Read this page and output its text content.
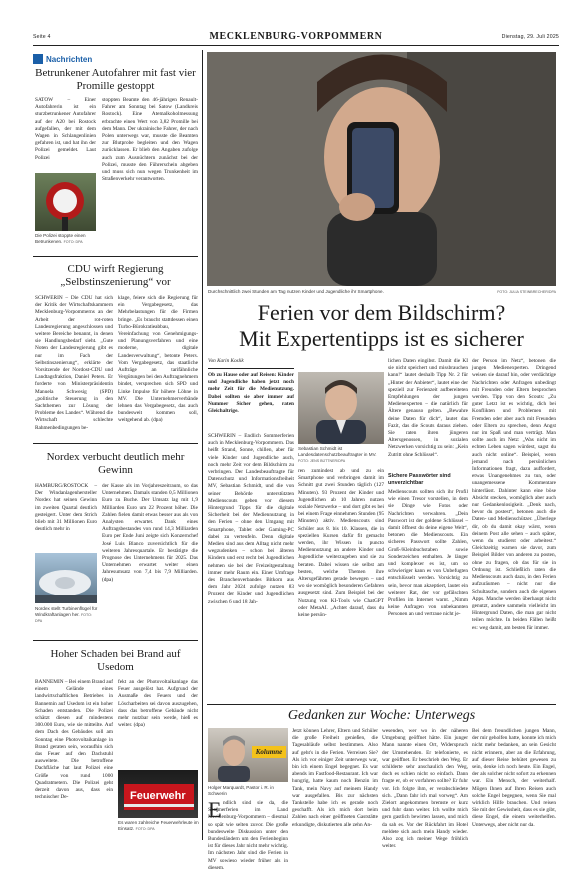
Seite 4	MECKLENBURG-VORPOMMERN	Dienstag, 29. Juli 2025
Nachrichten
Betrunkener Autofahrer mit fast vier Promille gestoppt
SATOW – Einer Autofahrerin ist ein sturzbetrunkener Autofahrer auf der A20 bei Rostock aufgefallen, der mit dem Wagen in Schlangenlinien gefahren ist, und hat ihn der Polizei gemeldet. Laut Polizei
stoppten Beamte den 46-jährigen Renault-Fahrer am Sonntag bei Satow (Landkreis Rostock). Eine Atemalkoholmessung erbrachte einen Wert von 3,82 Promille bei dem Mann. Der ukrainische Fahrer, der nach Polen unterwegs war, musste die Beamten zur Blutprobe begleiten und den Wagen zurücklassen. Er blieb den Angaben zufolge auch zum Ausnüchtern zunächst bei der Polizei, musste den Führerschein abgeben und muss sich nun wegen Trunkenheit im Straßenverkehr verantworten.
Die Polizei stoppte einen Betrunkenen. FOTO: DPA
CDU wirft Regierung „Selbstinszenierung“ vor
SCHWERIN – Die CDU hat sich der Kritik der Wirtschaftskammern Mecklenburg-Vorpommerns an der Arbeit der rot-roten Landesregierung angeschlossen und weitere Bereiche benannt, in denen sie Handlungsbedarf sieht. „Gute Noten der Landesregierung gibt es nur im Fach der Selbstinszenierung“, erklärte der Vorsitzende der Nordost-CDU und Landtagsfraktion, Daniel Peters. Er forderte von Ministerpräsidentin Manuela Schwesig (SPD) „politische Steuerung in den Sachthemen zur Lösung der Probleme des Landes“. Während die Wirtschaft schlechte Rahmenbedingungen be-
klage, feiere sich die Regierung für ein Vergabegesetz, das Mehrbelastungen für die Firmen bringe. „Es braucht stattdessen einen Turbo-Bürokratieabbau, Vereinfachung von Genehmigungs- und Planungsverfahren und eine moderne, digitale Landesverwaltung“, betonte Peters. Vom Vergabegesetz, das staatliche Aufträge an tarifähnliche Vergütungen bei den Auftragnehmern bindet, versprechen sich SPD und Linke Impulse für höhere Löhne in MV. Die Unternehmerverbände lehnen das Vergabegesetz, das auch bundesweit kommen soll, weitgehend ab. (dpa)
Nordex verbucht deutlich mehr Gewinn
HAMBURG/ROSTOCK – Der Windanlagenhersteller Nordex hat seinen Gewinn im zweiten Quartal deutlich gesteigert. Unter dem Strich blieb mit 31 Millionen Euro deutlich mehr in
der Kasse als im Vorjahreszeitraum, so das Unternehmen. Damals standen 0,5 Millionen Euro zu Buche. Der Umsatz lag mit 1,9 Milliarden Euro um 22 Prozent höher. Die Zahlen fielen damit etwas besser aus als von Analysten erwartet. Dank eines Auftragsbestandes von rund 14,3 Milliarden Euro per Ende Juni zeigte sich Konzernchef José Luis Blanco zuversichtlich für die weiteren Jahresquartale. Er bestätigte die Prognose des Unternehmens für 2025. Das Unternehmen erwartet weiter einen Jahresumsatz von 7,4 bis 7,9 Milliarden. (dpa)
Nordex stellt Turbinenflügel für Windkraftanlagen her. FOTO: DPA
Hoher Schaden bei Brand auf Usedom
BANNEMIN – Bei einem Brand auf einem Gelände eines landwirtschaftlichen Betriebes in Bannemin auf Usedom ist ein hoher Schaden entstanden. Die Polizei schätzt diesen auf mindestens 300.000 Euro, wie sie mitteilte. Auf dem Dach des Gebäudes soll am Sonntag eine Photovoltaikanlage in Brand geraten sein, woraufhin sich das Feuer auf den Dachstuhl ausweitete. Die betroffene Dachfläche hat laut Polizei eine Größe von rund 1000 Quadratmetern. Die Polizei geht derzeit davon aus, dass ein technischer De-
fekt an der Photovoltaikanlage das Feuer ausgelöst hat. Aufgrund der Ausmaße des Feuers und der Löscharbeiten sei davon auszugehen, dass das betroffene Gebäude nicht mehr nutzbar sein werde, hieß es weiter. (dpa)
Feuerwehr
Es waren zahlreiche Feuerwehrleute im Einsatz. FOTO: DPA
Durchschnittlich zwei Stunden am Tag nutzen Kinder und Jugendliche ihr Smartphone.	FOTO: JULIA STEINBRECHER/DPA
Ferien vor dem Bildschirm?
Mit Expertentipps ist es sicherer
Von Karin Koslik
Ob zu Hause oder auf Reisen: Kinder und Jugendliche haben jetzt noch mehr Zeit für die Medienutzung. Dabei sollten sie aber immer auf Nummer Sicher gehen, raten Gleichaltrige.
SCHWERIN – Endlich Sommerferien auch in Mecklenburg-Vorpommern. Das heißt Strand, Sonne, chillen, aber für viele Kinder und Jugendliche auch, noch mehr Zeit vor dem Bildschirm zu verbringen. Der Landesbeauftragte für Datenschutz und Informationsfreiheit MV, Sebastian Schmidt, und die von seiner Behörde unterstützten Medienscouts geben vor diesem Hintergrund Tipps für die digitale Sicherheit bei der Mediennutzung in den Ferien – ohne den Umgang mit Smartphone, Tablet oder Gaming-PC dabei zu verteufeln. Denn digitale Medien sind aus dem Alltag nicht mehr wegzudenken – schon bei älteren Kindern und erst recht bei Jugendlichen nehmen sie bei der Freizeitgestaltung immer mehr Raum ein. Einer Umfrage des Branchenverbandes Bitkom aus dem Jahr 2024 zufolge nutzen 83 Prozent der Kinder und Jugendlichen zwischen 6 und 18 Jah-
Sebastian Schmidt ist Landesdatenschutzbeauftragter in MV. FOTO: JENS BÜTTNER/DPA
ren zumindest ab und zu ein Smartphone und verbringen damit im Schnitt gut zwei Stunden täglich (127 Minuten). 93 Prozent der Kinder und Jugendlichen ab 10 Jahren nutzen soziale Netzwerke – und dort gibt es bei bei einem Frage einnehmen Stunden (95 Minuten) aktiv. Medienscouts sind Schüler aus 8. bis 10. Klassen, die in speziellen Kursen dafür fit gemacht werden, ihr Wissen in puncto Mediennutzung an andere Kinder und Jugendliche weiterzugeben und sie zu beraten. Dabei wissen sie selbst am besten, welche Themen ihre Altersgefährten gerade bewegen – und wo sie womöglich besonderen Gefahren ausgesetzt sind. Zum Beispiel bei der Nutzung von KI-Tools wie ChatGPT oder MetaAI. „Achtet darauf, dass du keine persön-
lichen Daten eingibst. Damit die KI sie nicht speichert und missbrauchen kann!“ lautet deshalb Tipp Nr. 2 für „Hinter der Anbieter“, lautet eine der speziell zur Ferienzeit aufbereiteten Empfehlungen der jungen Medienexperten – die natürlich für Ältere genauso gelten. „Bewahre deine Daten für dich“, lautet das Fazit, das die Scouts daraus ziehen. Sie raten ihren jüngeren Altersgenossen, in sozialen Netzwerken vorsichtig zu sein: „Kein Zutritt ohne Schlüssel“.
Sichere Passwörter sind unverzichtbar
Medienscouts sollten sich ihr Profil wie einen Tresor vorstellen, in dem sie Dinge wie Fotos oder Nachrichten verwahren. „Dein Passwort ist der goldene Schlüssel – damit öffnest du deine eigene Welt“, betonen die Medienscouts. Ein sicheres Passwort sollte Zahlen, Groß-/Kleinbuchstaben sowie Sonderzeichen enthalten. Je länger und komplexer es ist, um so schwieriger kann es von Unbefugten entschlüsselt werden. Vorsichtig zu sein, bevor man akzeptiert, lautet ein weiterer Rat, der vor gefälschten Profilen im Internet warnt. „Nimm keine Anfragen von unbekannten Personen an und vertraue nicht je-
der Person im Netz“, betonen die jungen Medienexperten. Dringend weisen sie darauf hin, oder verdächtige Nachrichten oder Anfragen unbedingt mit Freunden oder Eltern besprochen werden. Tipp von den Scouts: „Zu guter Letzt ist es wichtig, dich bei Konflikten und Problemen mit Fremden oder aber auch mit Freunden oder Eltern zu sprechen, denn Angst nur im Spaß und man verträgt. Man sollte auch im Netz: „Was nicht im echten Leben sagen würdest, sagst du auch nicht online“. Beispiel, wenn jemand nach persönlichen Informationen fragt, dazu auffordert, etwas Unangenehmes zu tun, oder unangemessene Kommentare hinterlässt. Dahinter kann eine böse Absicht stecken, womöglich aber auch nur Gedankenlosigkeit. „Denk nach, bevor du postest“, betonen auch die Daten- und Medienschützer. „Überlege dir, ob du damit okay wärst, wenn deinem Post alle sehen – auch später, wenn du studierst oder arbeitest.“ Gleichzeitig warnen sie davor, zum Beispiel Bilder von anderen zu posten, ohne zu fragen, ob das für sie in Ordnung ist. Schließlich raten die Medienscouts auch dazu, in den Ferien aufzuräumen – nicht nur die Schultasche, sondern auch die eigenen Apps. Manche werden überhaupt nicht genutzt, andere sammeln vielleicht im Hintergrund Daten, die man gar nicht teilen möchte. In beiden Fällen heißt es: weg damit, am besten für immer.
Gedanken zur Woche: Unterwegs
Kolumne
Holger Marquardt, Pastor i. R. in Schwerin
E ndlich sind sie da, die Sommerferien im Land Mecklenburg-Vorpommern – diesmal so spät wie selten zuvor. Die große bundesweite Diskussion unter den Bundesländern um den Ferienbeginn ist für dieses Jahr nicht mehr wichtig. Im nächsten Jahr sind die Ferien in MV sowieso wieder früher als in diesem.
Jetzt können Lehrer, Eltern und Schüler die große Freiheit genießen, die Tagesabläufe selbst bestimmen. Also auf geht's in die Ferien. Verreisen Sie? Als ich vor einiger Zeit unterwegs war, bin ich einem Engel begegnet. Es war abends im Fastfood-Restaurant. Ich war hungrig, hatte kaum noch Benzin im Tank, mein Navy auf meinem Handy war ausgefallen. Bis zur nächsten Tankstelle habe ich es gerade noch geschafft. Als ich mich dort beim Zahlen nach einer geöffneten Gaststätte erkundigte, diskutierten alle zehn An-
wesenden, wer wo in der näheren Umgebung geöffnet hätte. Ein junger Mann nannte einen Ort, Widerspruch der Umstehenden. Er telefonierte, es war geöffnet. Er beschrieb den Weg. Er schilderte sehr anschaulich den Weg, doch es schien nicht so einfach. Dann fragte er, ob er vorfahren sollte? Er fuhr vor. Ich folgte ihm, er verabschiedete sich. „Dann fahr ich mal vorweg“. Am Zielort angekommen bremste er kurz und fuhr dann weiter. Ich wollte mich gern gastlich bewirten lassen, und mich da sah es. Vor der Rückfahrt im Hotel meldete sich auch mein Handy wieder. Also zog ich meiner Wege fröhlich weiter.
Bei dem freundlichen jungen Mann, der mir geholfen hatte, konnte ich mich nicht mehr bedanken, an sein Gesicht nicht erinnern, aber an die Erfahrung, auf dieser Reise behütet gewesen zu sein, denke ich noch heute. Ein Engel, der als solcher nicht sofort zu erkennen war. Ein Mensch, der weiterhalf. Mögen Ihnen auf Ihren Reisen auch solche Engel begegnen, wenn Sie mal wirklich Hilfe brauchen. Und reisen Sie mit der Gewissheit, dass es sie gibt, diese Engel, die einem weiterhelfen. Unterwegs, aber nicht nur da.
